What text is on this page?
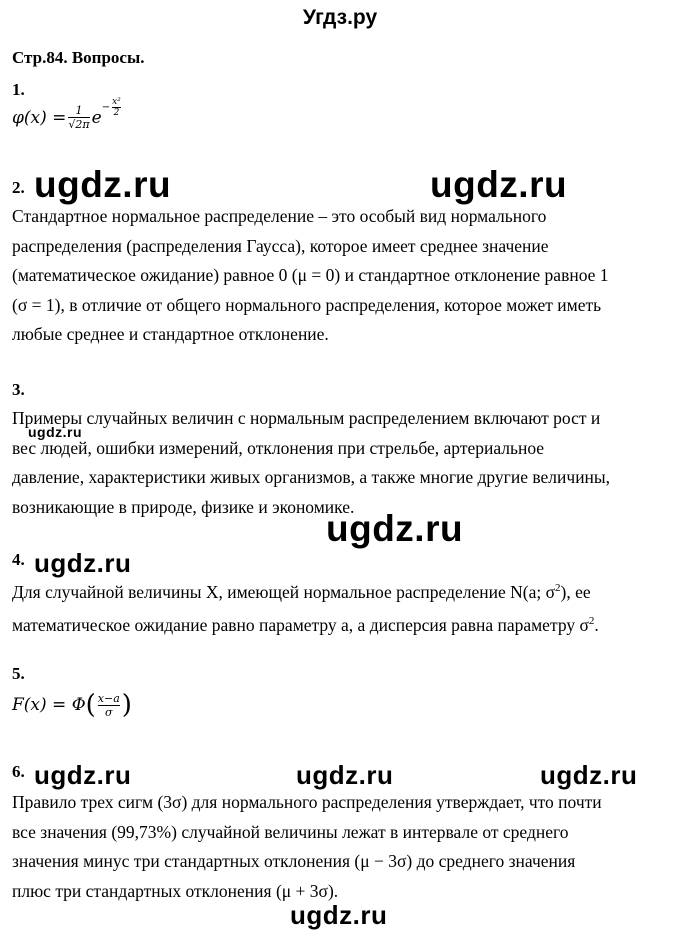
Угдз.ру
Стр.84. Вопросы.
1.
$\varphi(x) = \frac{1}{√2\pi}$ $e - \frac{\text{x²}}{2}$
2.
Стандартное нормальное распределение – это особый вид нормального
распределения (распределения Гаусса), которое имеет среднее значение
(математическое ожидание) равное 0 (μ = 0) и стандартное отклонение равное 1
(σ = 1), в отличие от общего нормального распределения, которое может иметь
любые среднее и стандартное отклонение.
3.
Примеры случайных величин с нормальным распределением включают рост и
вес людей, ошибки измерений, отклонения при стрельбе, артериальное
давление, характеристики живых организмов, а также многие другие величины,
возникающие в природе, физике и экономике.
4.
Для случайной величины X, имеющей нормальное распределение N(a; $\sigma^2$), ее
математическое ожидание равно параметру a, а дисперсия равна параметру $\sigma^2$.
5.
F(x) = Φ ( $\frac{x-a}{\sigma}$ )
6.
Правило трех сигм (3σ) для нормального распределения утверждает, что почти
все значения (99,73%) случайной величины лежат в интервале от среднего
значения минус три стандартных отклонения (μ − 3σ) до среднего значения
плюс три стандартных отклонения (μ + 3σ).
ugdz.ru	ugdz.ru
ugdz.ru
ugdz.ru
ugdz.ru
ugdz.ru	ugdz.ru	ugdz.ru
ugdz.ru
